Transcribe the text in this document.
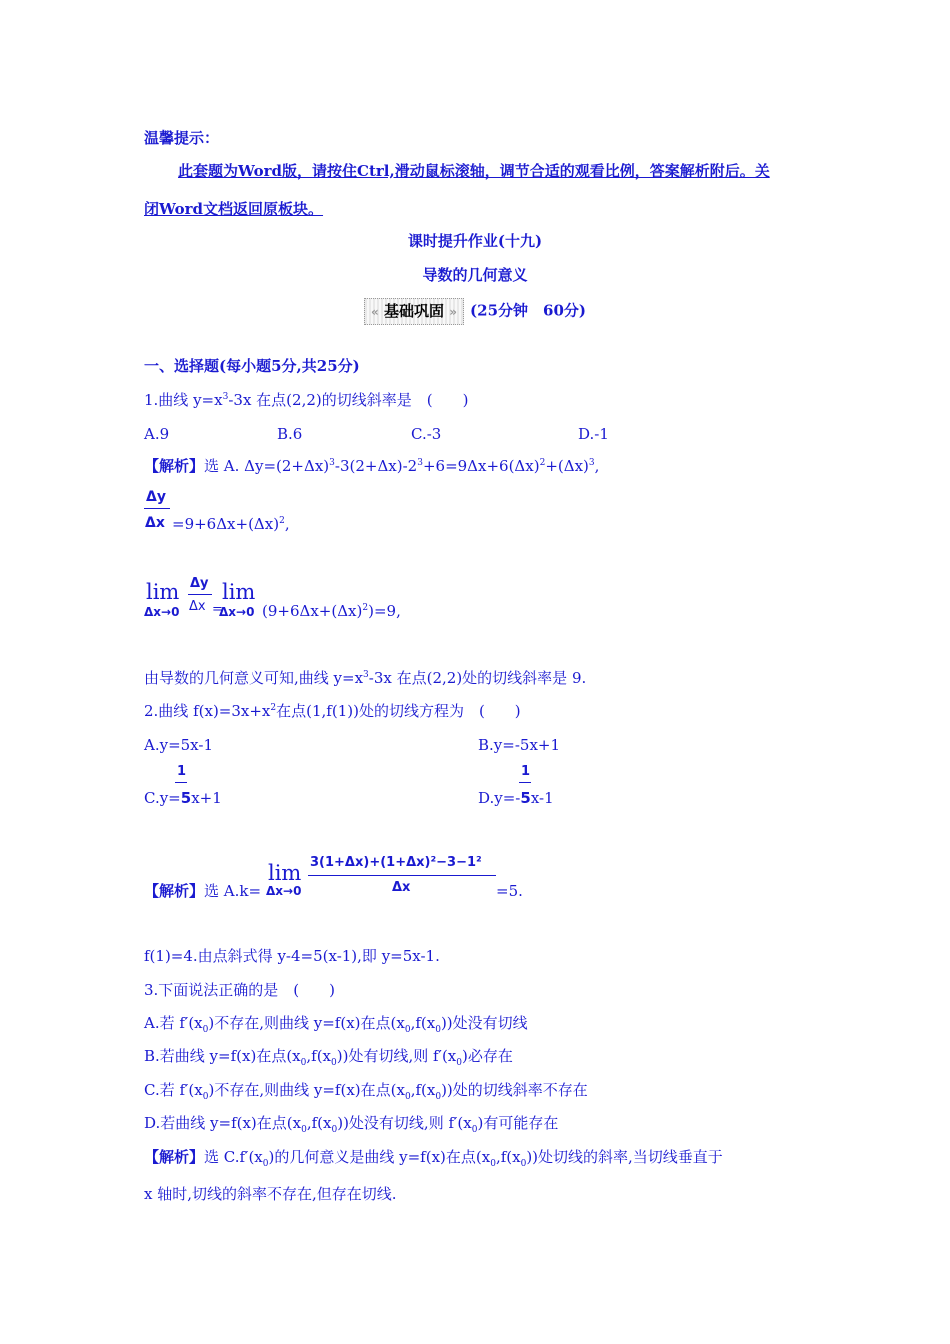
温馨提示：
此套题为Word版，请按住Ctrl,滑动鼠标滚轴，调节合适的观看比例，答案解析附后。关
闭Word文档返回原板块。
课时提升作业(十九)
导数的几何意义
« 基础巩固 » (25分钟　60分)
一、选择题(每小题5分,共25分)
1.曲线 $y=x^3-3x$ 在点(2,2)的切线斜率是　(　　)
A.9	B.6	C.-3	D.-1
【解析】选 A. $\Delta y=(2+\Delta x)^3-3(2+\Delta x)-2^3+6=9\Delta x+6(\Delta x)^2+(\Delta x)^3$,
Δy
$\Delta x =9+6\Delta x+(\Delta x)^2$,
lim
Δx→0
Δy
Δx =
lim
Δx→0 $(9+6\Delta x+(\Delta x)^2)=9$,
由导数的几何意义可知,曲线 $y=x^3-3x$ 在点(2,2)处的切线斜率是 9.
2.曲线 $f(x)=3x+x^2$在点(1,f(1))处的切线方程为　(　　)
A.y=5x-1	B.y=-5x+1
1
C.y=5x+1
1
D.y=-5x-1
【解析】选 A.k=
lim
Δx→0
3(1+Δx)+(1+Δx)²−3−1²
Δx	=5.
f(1)=4.由点斜式得 y-4=5(x-1),即 y=5x-1.
3.下面说法正确的是　(　　)
A.若 $f'(x_0)$不存在,则曲线 y=f(x)在点$(x_0,f(x_0))$处没有切线
B.若曲线 y=f(x)在点$(x_0,f(x_0))$处有切线,则 $f'(x_0)$必存在
C.若 $f'(x_0)$不存在,则曲线 y=f(x)在点$(x_0,f(x_0))$处的切线斜率不存在
D.若曲线 y=f(x)在点$(x_0,f(x_0))$处没有切线,则 $f'(x_0)$有可能存在
【解析】选 $C.f'(x_0)$的几何意义是曲线 y=f(x)在点$(x_0,f(x_0))$处切线的斜率,当切线垂直于
x 轴时,切线的斜率不存在,但存在切线.
